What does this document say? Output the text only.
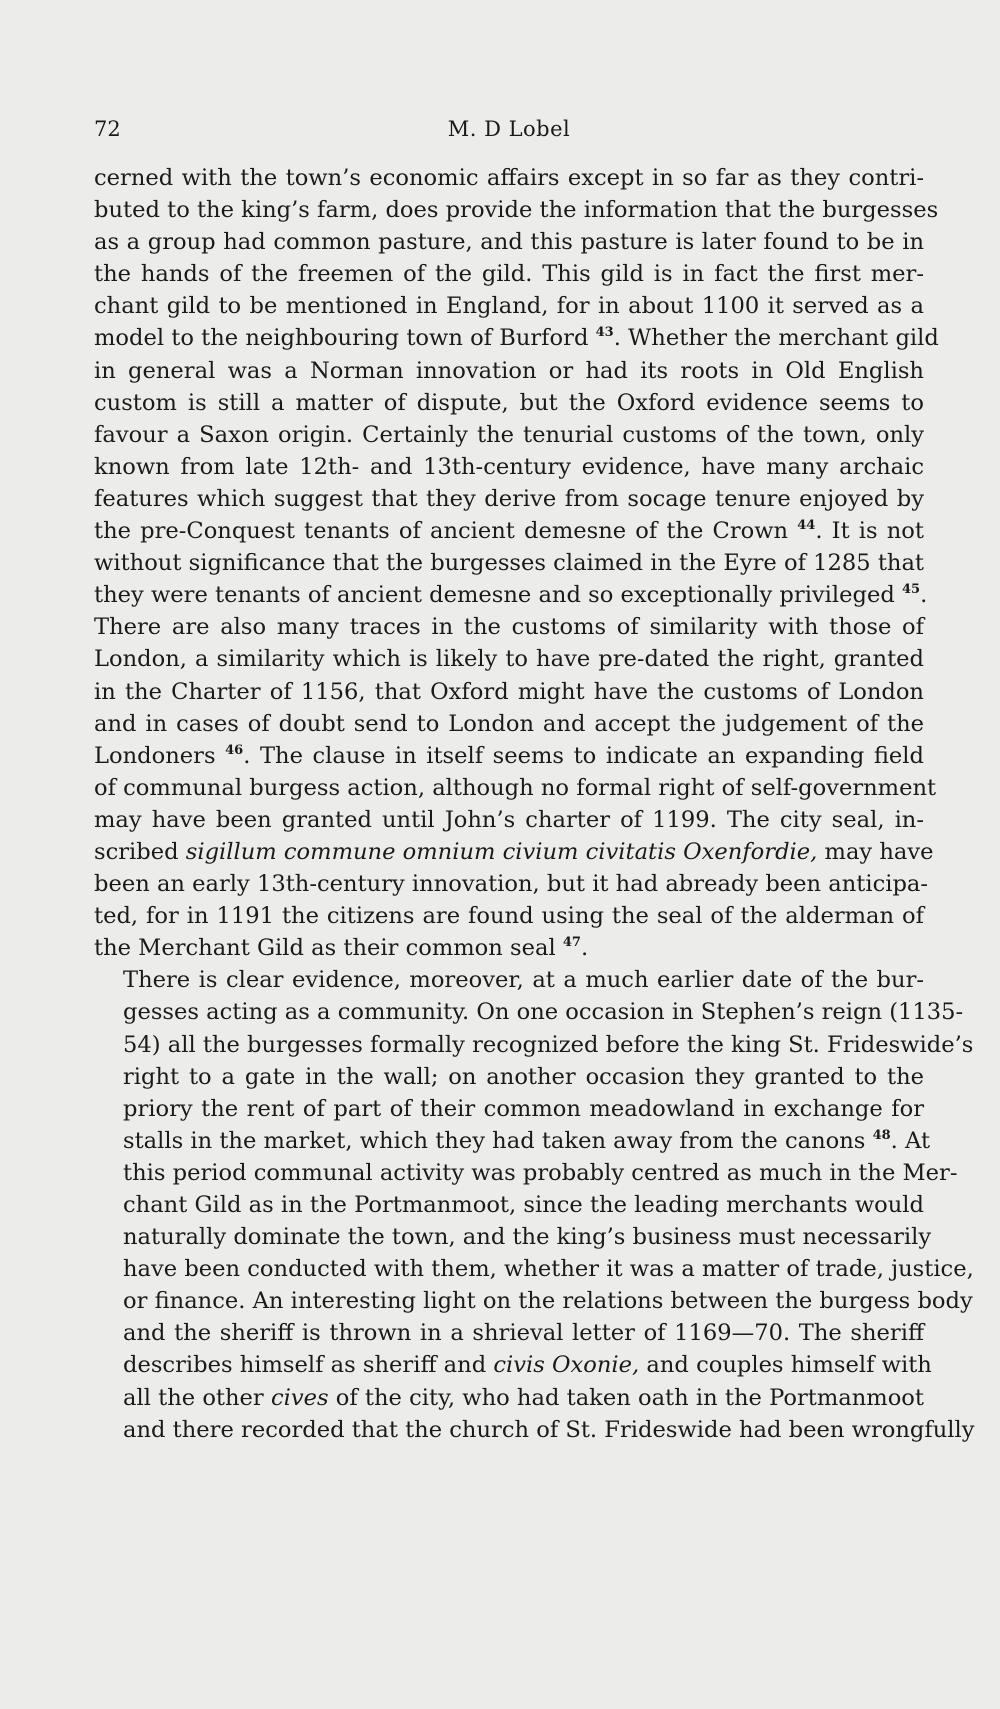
72	M. D Lobel

cerned with the town’s economic affairs except in so far as they contri-
buted to the king’s farm, does provide the information that the burgesses
as a group had common pasture, and this pasture is later found to be in
the hands of the freemen of the gild. This gild is in fact the first mer-
chant gild to be mentioned in England, for in about 1100 it served as a
model to the neighbouring town of Burford $^{43}$. Whether the merchant gild
in general was a Norman innovation or had its roots in Old English
custom is still a matter of dispute, but the Oxford evidence seems to
favour a Saxon origin. Certainly the tenurial customs of the town, only
known from late 12th- and 13th-century evidence, have many archaic
features which suggest that they derive from socage tenure enjoyed by
the pre-Conquest tenants of ancient demesne of the Crown $^{44}$. It is not
without significance that the burgesses claimed in the Eyre of 1285 that
they were tenants of ancient demesne and so exceptionally privileged $^{45}$.
There are also many traces in the customs of similarity with those of
London, a similarity which is likely to have pre-dated the right, granted
in the Charter of 1156, that Oxford might have the customs of London
and in cases of doubt send to London and accept the judgement of the
Londoners $^{46}$. The clause in itself seems to indicate an expanding field
of communal burgess action, although no formal right of self-government
may have been granted until John’s charter of 1199. The city seal, in-
scribed sigillum commune omnium civium civitatis Oxenfordie, may have
been an early 13th-century innovation, but it had abready been anticipa-
ted, for in 1191 the citizens are found using the seal of the alderman of
the Merchant Gild as their common seal $^{47}$.

There is clear evidence, moreover, at a much earlier date of the bur-
gesses acting as a community. On one occasion in Stephen’s reign (1135-
54) all the burgesses formally recognized before the king St. Frideswide’s
right to a gate in the wall; on another occasion they granted to the
priory the rent of part of their common meadowland in exchange for
stalls in the market, which they had taken away from the canons $^{48}$. At
this period communal activity was probably centred as much in the Mer-
chant Gild as in the Portmanmoot, since the leading merchants would
naturally dominate the town, and the king’s business must necessarily
have been conducted with them, whether it was a matter of trade, justice,
or finance. An interesting light on the relations between the burgess body
and the sheriff is thrown in a shrieval letter of 1169—70. The sheriff
describes himself as sheriff and civis Oxonie, and couples himself with
all the other cives of the city, who had taken oath in the Portmanmoot
and there recorded that the church of St. Frideswide had been wrongfully
